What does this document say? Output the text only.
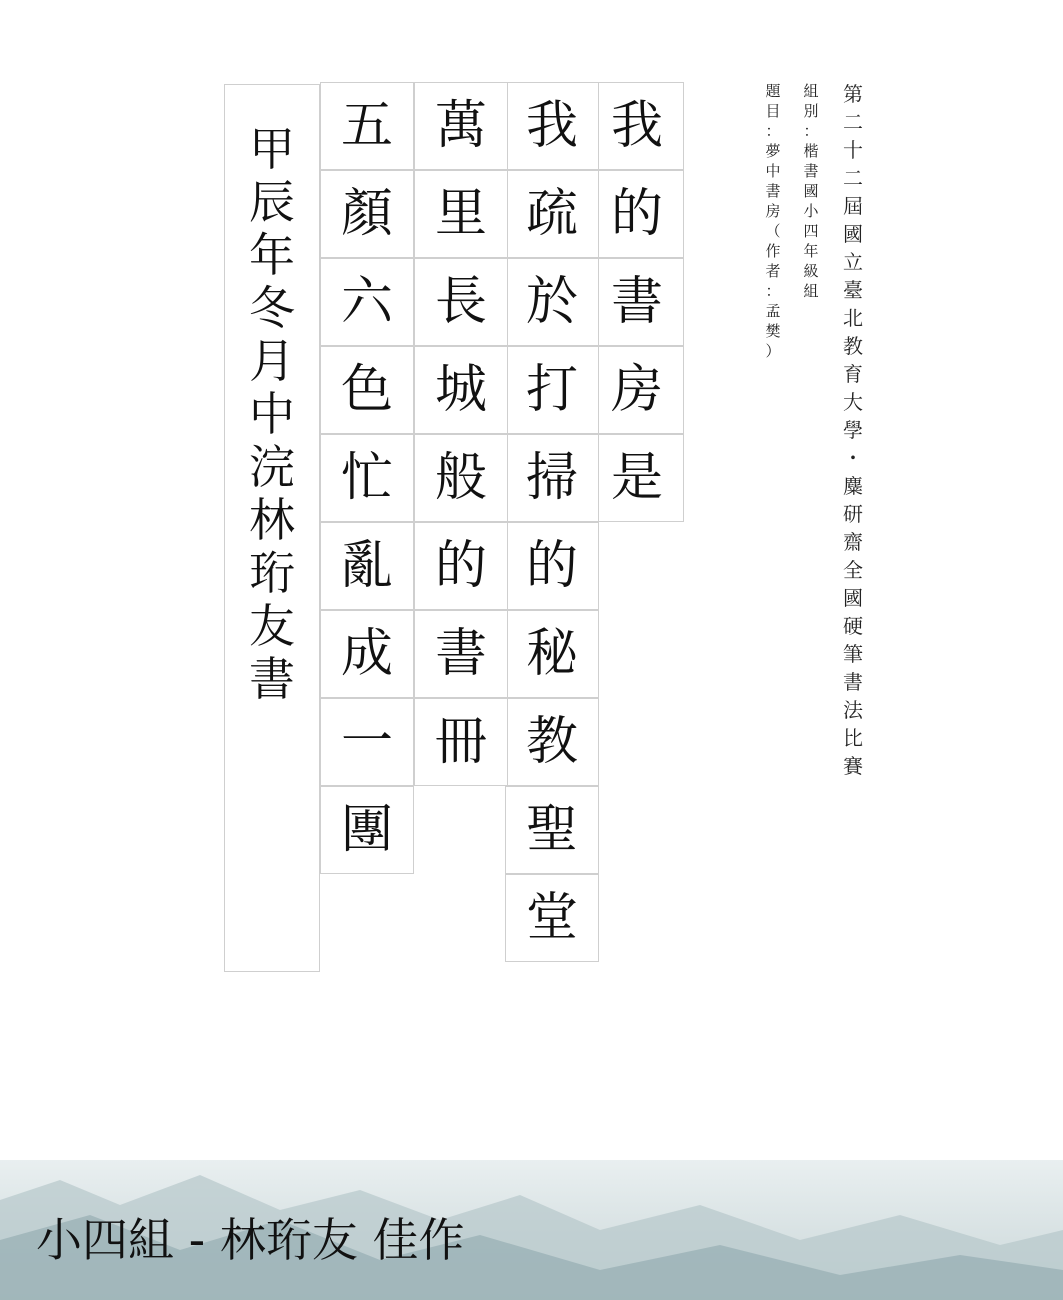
我
的
書
房
是
我
疏
於
打
掃
的
秘
教
聖
堂
萬
里
長
城
般
的
書
冊
五
顏
六
色
忙
亂
成
一
團
第
二
十
二
屆
國
立
臺
北
教
育
大
學
・
麋
研
齋
全
國
硬
筆
書
法
比
賽
組
別
：
楷
書
國
小
四
年
級
組
題
目
：
夢
中
書
房
（
作
者
：
孟
樊
）
甲
辰
年
冬
月
中
浣
林
珩
友
書
小四組 - 林珩友 佳作
